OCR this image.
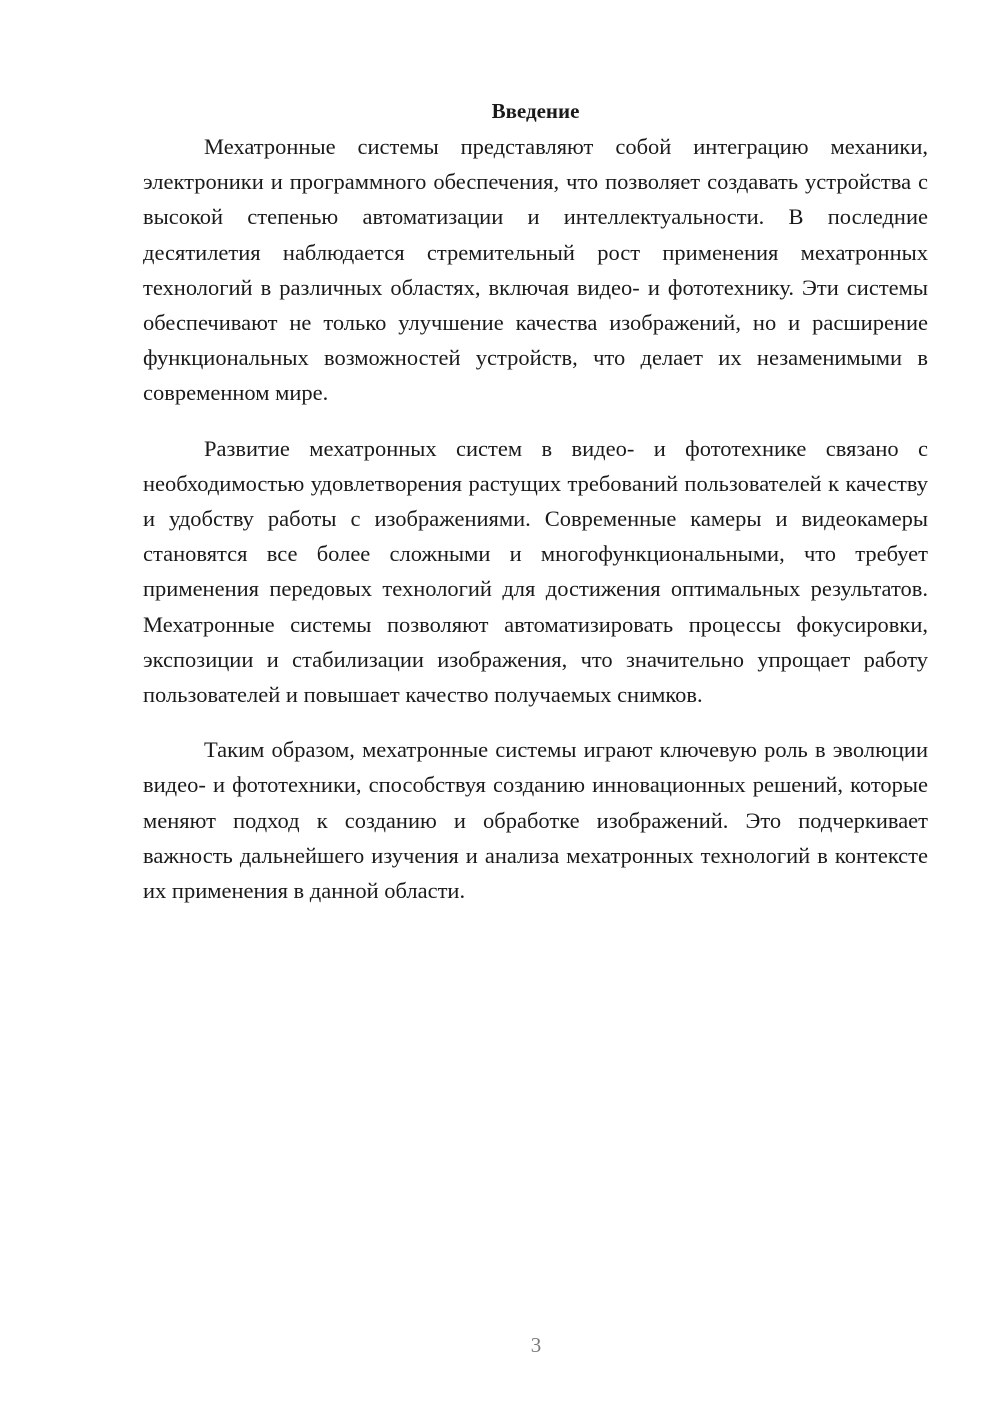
Введение

Мехатронные системы представляют собой интеграцию механики, электроники и программного обеспечения, что позволяет создавать устройства с высокой степенью автоматизации и интеллектуальности. В последние десятилетия наблюдается стремительный рост применения мехатронных технологий в различных областях, включая видео- и фототехнику. Эти системы обеспечивают не только улучшение качества изображений, но и расширение функциональных возможностей устройств, что делает их незаменимыми в современном мире.

Развитие мехатронных систем в видео- и фототехнике связано с необходимостью удовлетворения растущих требований пользователей к качеству и удобству работы с изображениями. Современные камеры и видеокамеры становятся все более сложными и многофункциональными, что требует применения передовых технологий для достижения оптимальных результатов. Мехатронные системы позволяют автоматизировать процессы фокусировки, экспозиции и стабилизации изображения, что значительно упрощает работу пользователей и повышает качество получаемых снимков.

Таким образом, мехатронные системы играют ключевую роль в эволюции видео- и фототехники, способствуя созданию инновационных решений, которые меняют подход к созданию и обработке изображений. Это подчеркивает важность дальнейшего изучения и анализа мехатронных технологий в контексте их применения в данной области.

3
